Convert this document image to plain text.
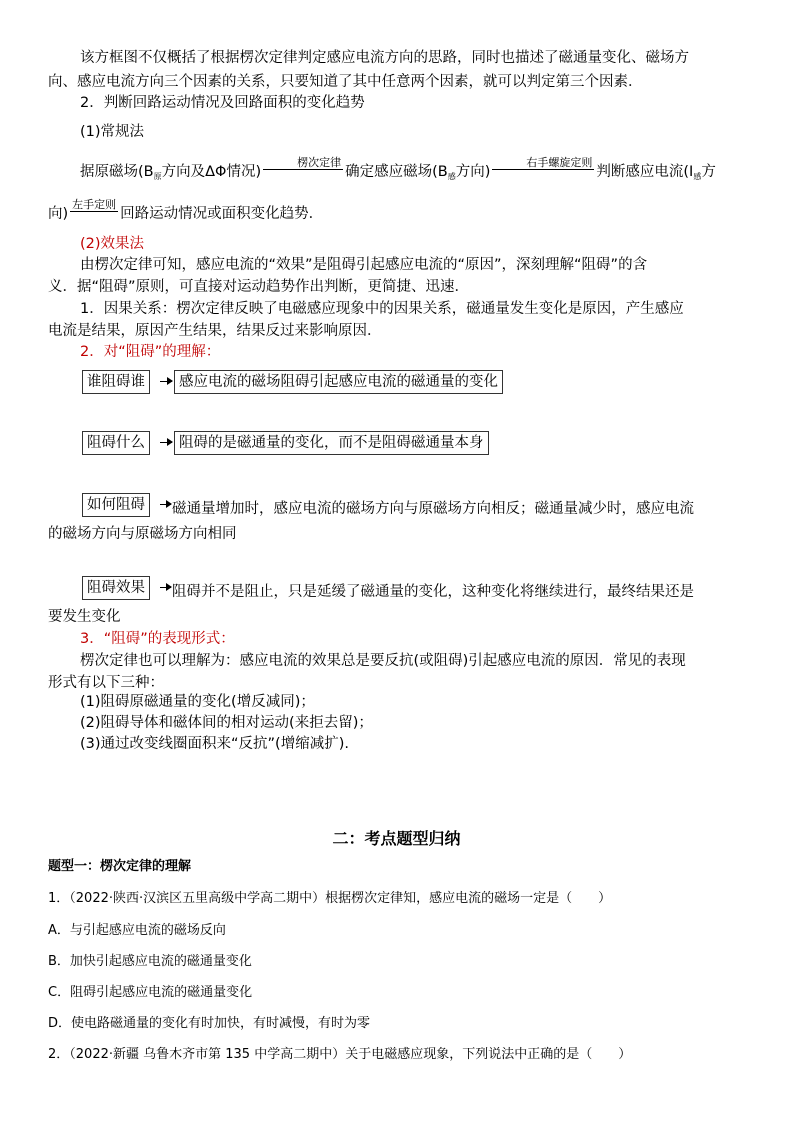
该方框图不仅概括了根据楞次定律判定感应电流方向的思路，同时也描述了磁通量变化、磁场方

向、感应电流方向三个因素的关系，只要知道了其中任意两个因素，就可以判定第三个因素．

2．判断回路运动情况及回路面积的变化趋势

(1)常规法

据原磁场($B_原$方向及ΔΦ情况)楞次定律确定感应磁场($B_感$方向)右手螺旋定则判断感应电流($I_感$方
向)左手定则回路运动情况或面积变化趋势．

(2)效果法

由楞次定律可知，感应电流的“效果”是阻碍引起感应电流的“原因”，深刻理解“阻碍”的含

义．据“阻碍”原则，可直接对运动趋势作出判断，更简捷、迅速．

1．因果关系：楞次定律反映了电磁感应现象中的因果关系，磁通量发生变化是原因，产生感应

电流是结果，原因产生结果，结果反过来影响原因．

2．对“阻碍”的理解：

谁阻碍谁	感应电流的磁场阻碍引起感应电流的磁通量的变化
阻碍什么	阻碍的是磁通量的变化，而不是阻碍磁通量本身
如何阻碍	磁通量增加时，感应电流的磁场方向与原磁场方向相反；磁通量减少时，感应电流

的磁场方向与原磁场方向相同

阻碍效果	阻碍并不是阻止，只是延缓了磁通量的变化，这种变化将继续进行，最终结果还是

要发生变化

3．“阻碍”的表现形式：

楞次定律也可以理解为：感应电流的效果总是要反抗(或阻碍)引起感应电流的原因．常见的表现

形式有以下三种：

(1)阻碍原磁通量的变化(增反减同)；

(2)阻碍导体和磁体间的相对运动(来拒去留)；

(3)通过改变线圈面积来“反抗”(增缩减扩).

二：考点题型归纳
题型一：楞次定律的理解
1．（2022·陕西·汉滨区五里高级中学高二期中）根据楞次定律知，感应电流的磁场一定是（　　）
A．与引起感应电流的磁场反向
B．加快引起感应电流的磁通量变化
C．阻碍引起感应电流的磁通量变化
D．使电路磁通量的变化有时加快，有时减慢，有时为零
2．（2022·新疆 乌鲁木齐市第 135 中学高二期中）关于电磁感应现象，下列说法中正确的是（　　）
